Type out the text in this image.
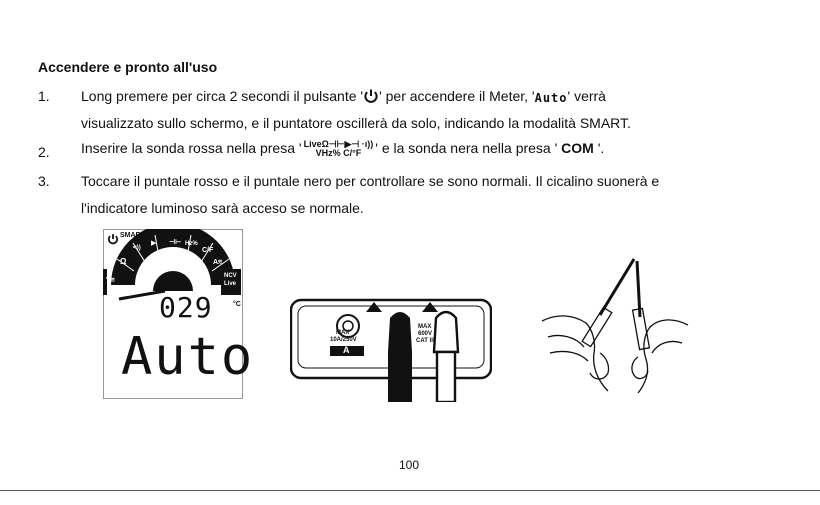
Accendere e pronto all'uso
1. Long premere per circa 2 secondi il pulsante ' ' per accendere il Meter, 'Auto' verrà
visualizzato sullo schermo, e il puntatore oscillerà da solo, indicando la modalità SMART.
2. Inserire la sonda rossa nella presa ' LiveΩ⊣⊢▶⊣ ·ı))
VHz% C/°F ' e la sonda nera nella presa ' COM '.
3. Toccare il puntale rosso e il puntale nero per controllare se sono normali. Il cicalino suonerà e
l'indicatore luminoso sarà acceso se normale.
SMART
Ω
•ı))
▶ ⊣⊢ Hz%
C/F
A⩳
NCV
Live
V⩳
029	°C
Auto	MAX
10A/250V
A
MAX
600V
CAT III
100
